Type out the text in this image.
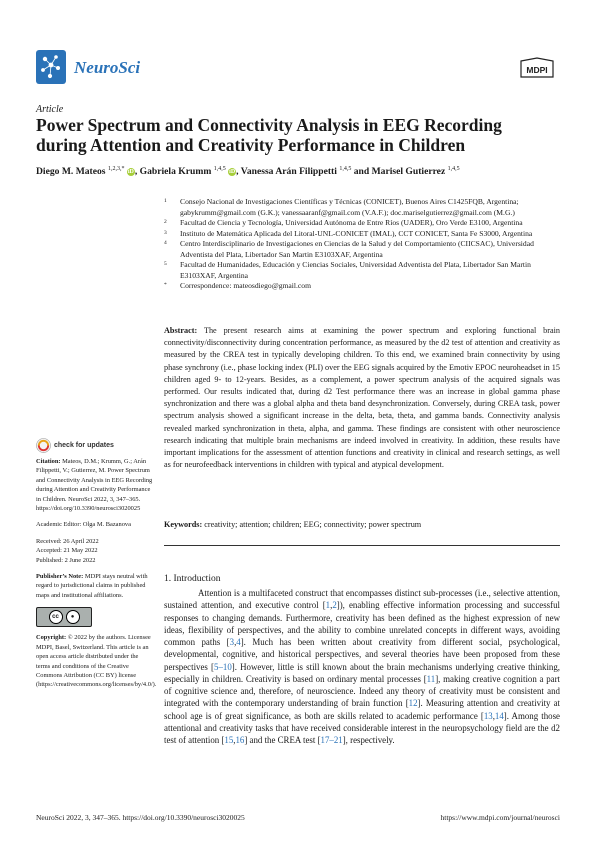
NeuroSci	MDPI
Article
Power Spectrum and Connectivity Analysis in EEG Recording during Attention and Creativity Performance in Children
Diego M. Mateos $^{1,2,3,*}$ iD, Gabriela Krumm $^{1,4,5}$ iD, Vanessa Arán Filippetti $^{1,4,5}$ and Marisel Gutierrez $^{1,4,5}$
1 Consejo Nacional de Investigaciones Científicas y Técnicas (CONICET), Buenos Aires C1425FQB, Argentina; gabykrumm@gmail.com (G.K.); vanessaaranf@gmail.com (V.A.F.); doc.mariselgutierrez@gmail.com (M.G.)
2 Facultad de Ciencia y Tecnología, Universidad Autónoma de Entre Ríos (UADER), Oro Verde E3100, Argentina
3 Instituto de Matemática Aplicada del Litoral-UNL-CONICET (IMAL), CCT CONICET, Santa Fe S3000, Argentina
4 Centro Interdisciplinario de Investigaciones en Ciencias de la Salud y del Comportamiento (CIICSAC), Universidad Adventista del Plata, Libertador San Martin E3103XAF, Argentina
5 Facultad de Humanidades, Educación y Ciencias Sociales, Universidad Adventista del Plata, Libertador San Martin E3103XAF, Argentina
* Correspondence: mateosdiego@gmail.com

Abstract: The present research aims at examining the power spectrum and exploring functional brain connectivity/disconnectivity during concentration performance, as measured by the d2 test of attention and creativity as measured by the CREA test in typically developing children. To this end, we examined brain connectivity by using phase synchrony (i.e., phase locking index (PLI) over the EEG signals acquired by the Emotiv EPOC neuroheadset in 15 children aged 9- to 12-years. Besides, as a complement, a power spectrum analysis of the acquired signals was performed. Our results indicated that, during d2 Test performance there was an increase in global gamma phase synchronization and there was a global alpha and theta band desynchronization. Conversely, during CREA task, power spectrum analysis showed a significant increase in the delta, beta, theta, and gamma bands. Connectivity analysis revealed marked synchronization in theta, alpha, and gamma. These findings are consistent with other neuroscience research indicating that multiple brain mechanisms are indeed involved in creativity. In addition, these results have important implications for the assessment of attention functions and creativity in clinical and research settings, as well as for neurofeedback interventions in children with typical and atypical development.

Keywords: creativity; attention; children; EEG; connectivity; power spectrum

check for updates

Citation: Mateos, D.M.; Krumm, G.; Arán Filippetti, V.; Gutierrez, M. Power Spectrum and Connectivity Analysis in EEG Recording during Attention and Creativity Performance in Children. NeuroSci 2022, 3, 347–365. https://doi.org/10.3390/neurosci3020025

Academic Editor: Olga M. Bazanova

Received: 26 April 2022
Accepted: 21 May 2022
Published: 2 June 2022

Publisher’s Note: MDPI stays neutral with regard to jurisdictional claims in published maps and institutional affiliations.

cc	●

Copyright: © 2022 by the authors. Licensee MDPI, Basel, Switzerland. This article is an open access article distributed under the terms and conditions of the Creative Commons Attribution (CC BY) license (https://creativecommons.org/licenses/by/4.0/).

1. Introduction

Attention is a multifaceted construct that encompasses distinct sub-processes (i.e., selective attention, sustained attention, and executive control [1,2]), enabling effective information processing and successful responses to changing demands. Furthermore, creativity has been defined as the highest expression of new ideas, flexibility of perspectives, and the ability to combine unrelated concepts in different ways, avoiding common paths [3,4]. Much has been written about creativity from different social, psychological, developmental, cognitive, and historical perspectives, and several theories have been proposed from these perspectives [5–10]. However, little is still known about the brain mechanisms underlying creative thinking, especially in children. Creativity is based on ordinary mental processes [11], making creative cognition a part of cognitive science and, therefore, of neuroscience. Indeed any theory of creativity must be consistent and integrated with the contemporary understanding of brain function [12]. Measuring attention and creativity at school age is of great significance, as both are skills related to academic performance [13,14]. Among those attentional and creativity tasks that have received considerable interest in the neuropsychology field are the d2 test of attention [15,16] and the CREA test [17–21], respectively.

NeuroSci 2022, 3, 347–365. https://doi.org/10.3390/neurosci3020025	https://www.mdpi.com/journal/neurosci
